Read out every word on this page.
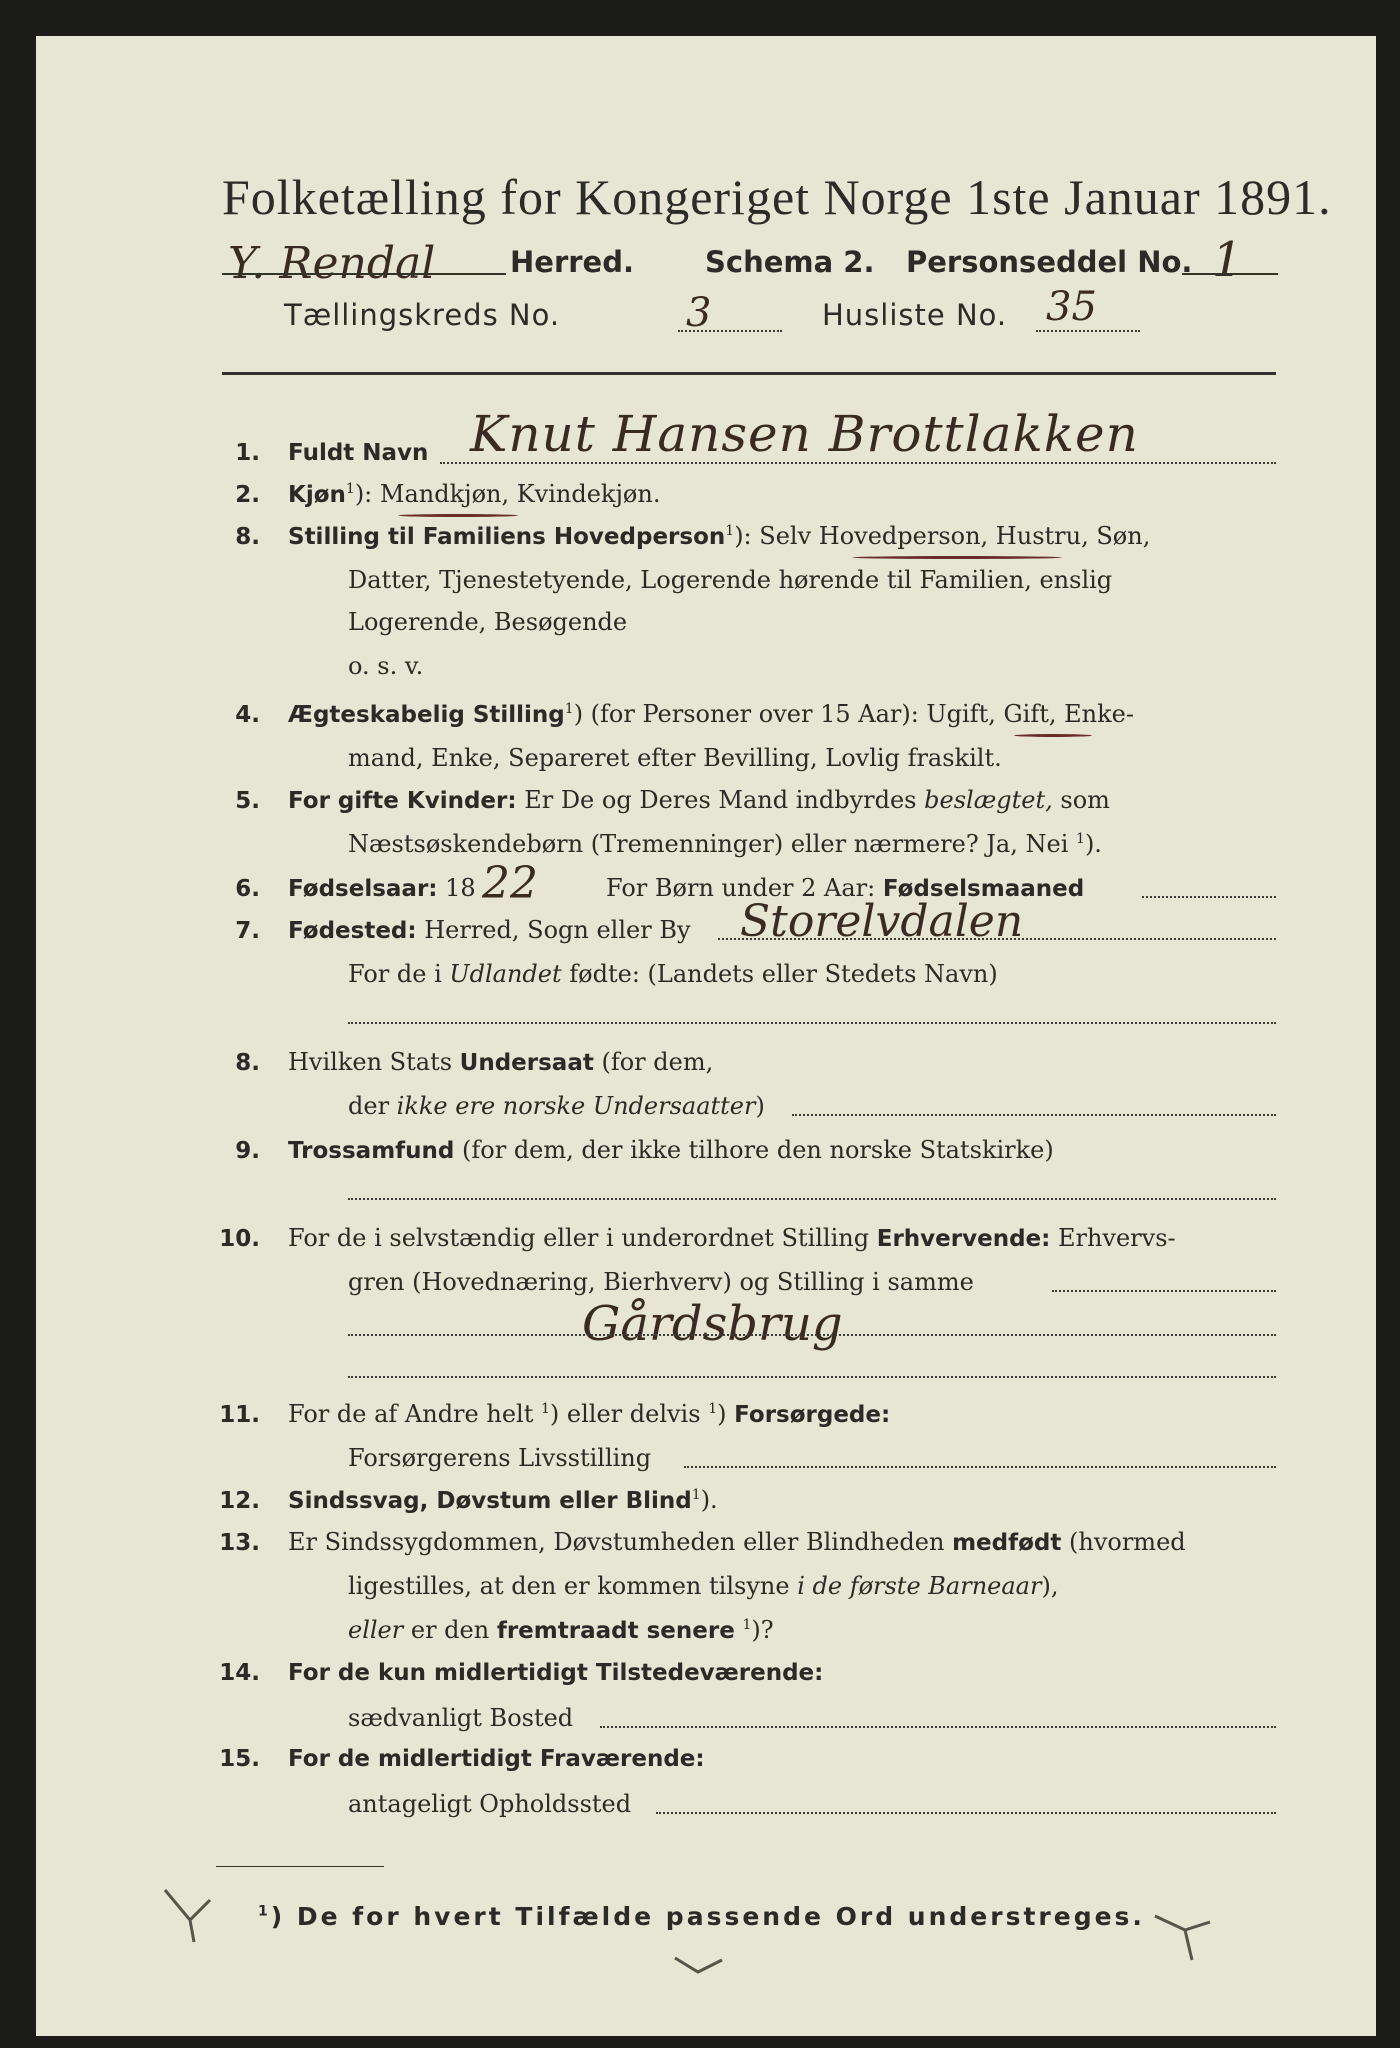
Folketælling for Kongeriget Norge 1ste Januar 1891.
Y. Rendal	Herred. Schema 2. Personseddel No. 1
Tællingskreds No.	3	Husliste No. 35
1. Fuldt Navn Knut Hansen Brottlakken
2. Kjøn$^1$): Mandkjøn, Kvindekjøn.
8. Stilling til Familiens Hovedperson$^1$): Selv Hovedperson, Hustru, Søn,
Datter, Tjenestetyende, Logerende hørende til Familien, enslig
Logerende, Besøgende
o. s. v.
4. Ægteskabelig Stilling$^1$) (for Personer over 15 Aar): Ugift, Gift, Enke-
mand, Enke, Separeret efter Bevilling, Lovlig fraskilt.
5. For gifte Kvinder: Er De og Deres Mand indbyrdes beslægtet, som
Næstsøskendebørn (Tremenninger) eller nærmere? Ja, Nei $^1$).
6. Fødselsaar: 18 22	For Børn under 2 Aar: Fødselsmaaned
7. Fødested: Herred, Sogn eller By Storelvdalen
For de i Udlandet fødte: (Landets eller Stedets Navn)
8. Hvilken Stats Undersaat (for dem,
der ikke ere norske Undersaatter)
9. Trossamfund (for dem, der ikke tilhore den norske Statskirke)
10. For de i selvstændig eller i underordnet Stilling Erhvervende: Erhvervs-
gren (Hovednæring, Bierhverv) og Stilling i samme
Gårdsbrug
11. For de af Andre helt $^1$) eller delvis $^1$) Forsørgede:
Forsørgerens Livsstilling
12. Sindssvag, Døvstum eller Blind$^1$).
13. Er Sindssygdommen, Døvstumheden eller Blindheden medfødt (hvormed
ligestilles, at den er kommen tilsyne i de første Barneaar),
eller er den fremtraadt senere $^1$)?
14. For de kun midlertidigt Tilstedeværende:
sædvanligt Bosted
15. For de midlertidigt Fraværende:
antageligt Opholdssted
$^1$) De for hvert Tilfælde passende Ord understreges.
